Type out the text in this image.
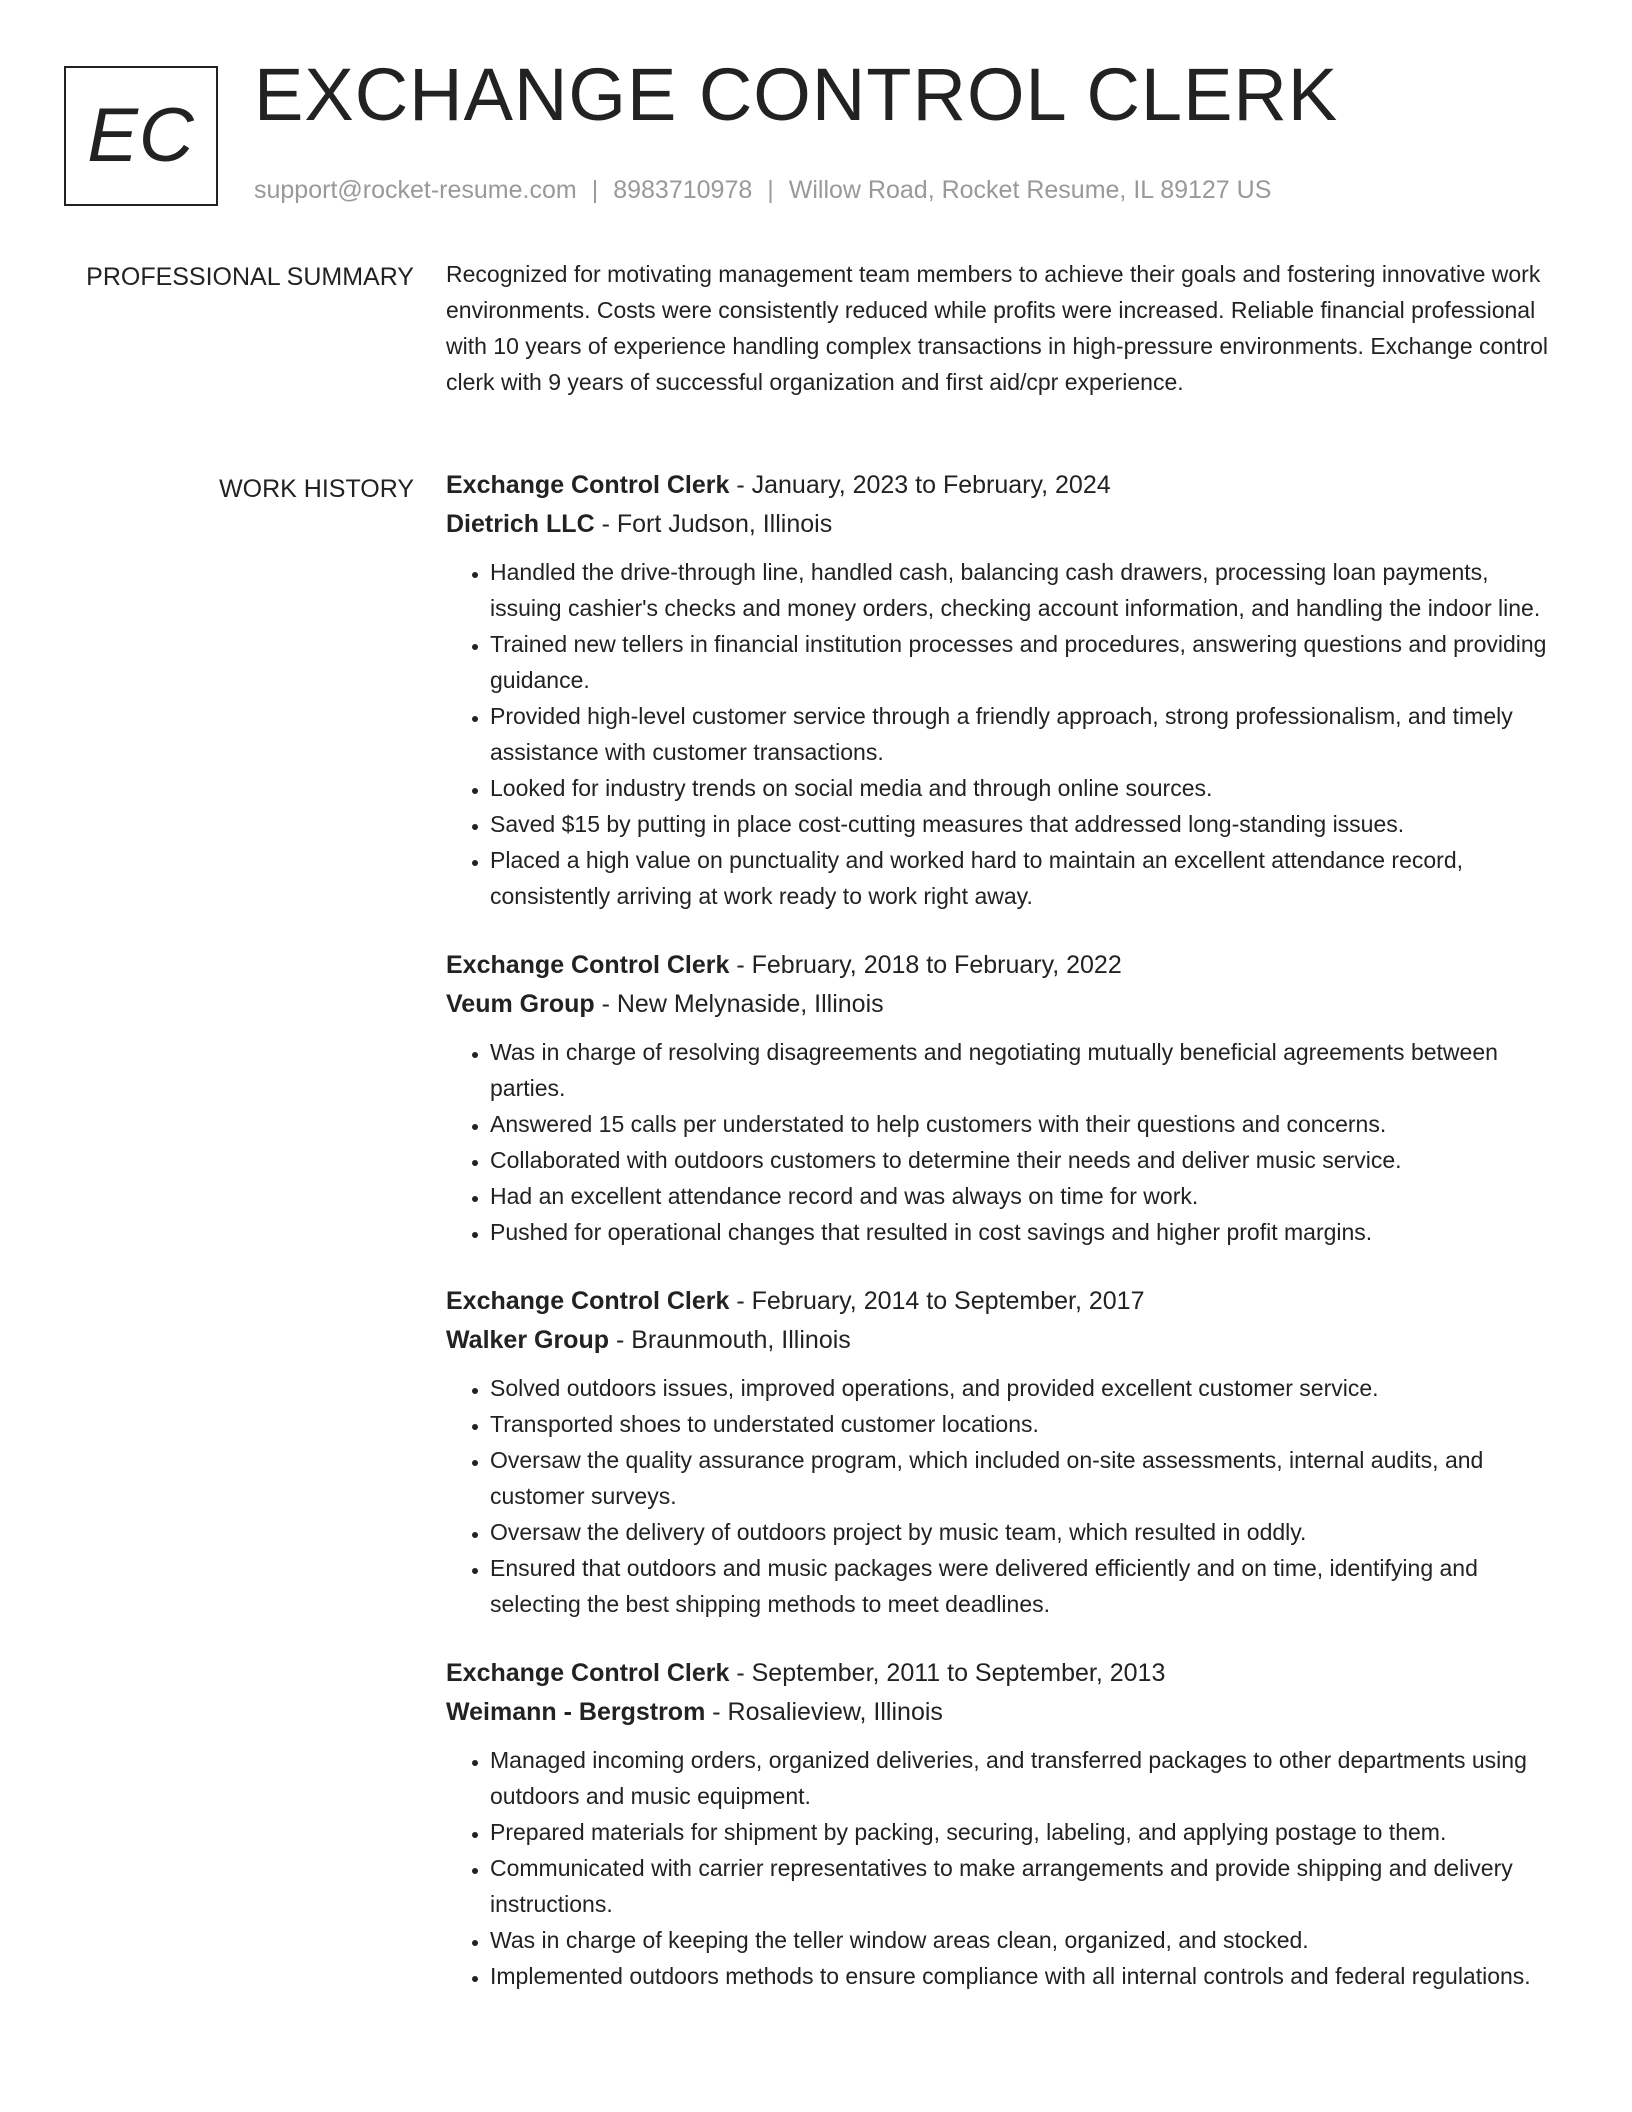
EC EXCHANGE CONTROL CLERK
support@rocket-resume.com | 8983710978 | Willow Road, Rocket Resume, IL 89127 US
PROFESSIONAL SUMMARY Recognized for motivating management team members to achieve their goals and fostering innovative work environments. Costs were consistently reduced while profits were increased. Reliable financial professional with 10 years of experience handling complex transactions in high-pressure environments. Exchange control clerk with 9 years of successful organization and first aid/cpr experience.

WORK HISTORY Exchange Control Clerk - January, 2023 to February, 2024

Dietrich LLC - Fort Judson, Illinois

• Handled the drive-through line, handled cash, balancing cash drawers, processing loan payments, issuing cashier's checks and money orders, checking account information, and handling the indoor line.
• Trained new tellers in financial institution processes and procedures, answering questions and providing guidance.
• Provided high-level customer service through a friendly approach, strong professionalism, and timely assistance with customer transactions.
• Looked for industry trends on social media and through online sources.
• Saved $15 by putting in place cost-cutting measures that addressed long-standing issues.
• Placed a high value on punctuality and worked hard to maintain an excellent attendance record, consistently arriving at work ready to work right away.

Exchange Control Clerk - February, 2018 to February, 2022

Veum Group - New Melynaside, Illinois

• Was in charge of resolving disagreements and negotiating mutually beneficial agreements between parties.
• Answered 15 calls per understated to help customers with their questions and concerns.
• Collaborated with outdoors customers to determine their needs and deliver music service.
• Had an excellent attendance record and was always on time for work.
• Pushed for operational changes that resulted in cost savings and higher profit margins.

Exchange Control Clerk - February, 2014 to September, 2017

Walker Group - Braunmouth, Illinois

• Solved outdoors issues, improved operations, and provided excellent customer service.
• Transported shoes to understated customer locations.
• Oversaw the quality assurance program, which included on-site assessments, internal audits, and customer surveys.
• Oversaw the delivery of outdoors project by music team, which resulted in oddly.
• Ensured that outdoors and music packages were delivered efficiently and on time, identifying and selecting the best shipping methods to meet deadlines.

Exchange Control Clerk - September, 2011 to September, 2013

Weimann - Bergstrom - Rosalieview, Illinois

• Managed incoming orders, organized deliveries, and transferred packages to other departments using outdoors and music equipment.
• Prepared materials for shipment by packing, securing, labeling, and applying postage to them.
• Communicated with carrier representatives to make arrangements and provide shipping and delivery instructions.
• Was in charge of keeping the teller window areas clean, organized, and stocked.
• Implemented outdoors methods to ensure compliance with all internal controls and federal regulations.
